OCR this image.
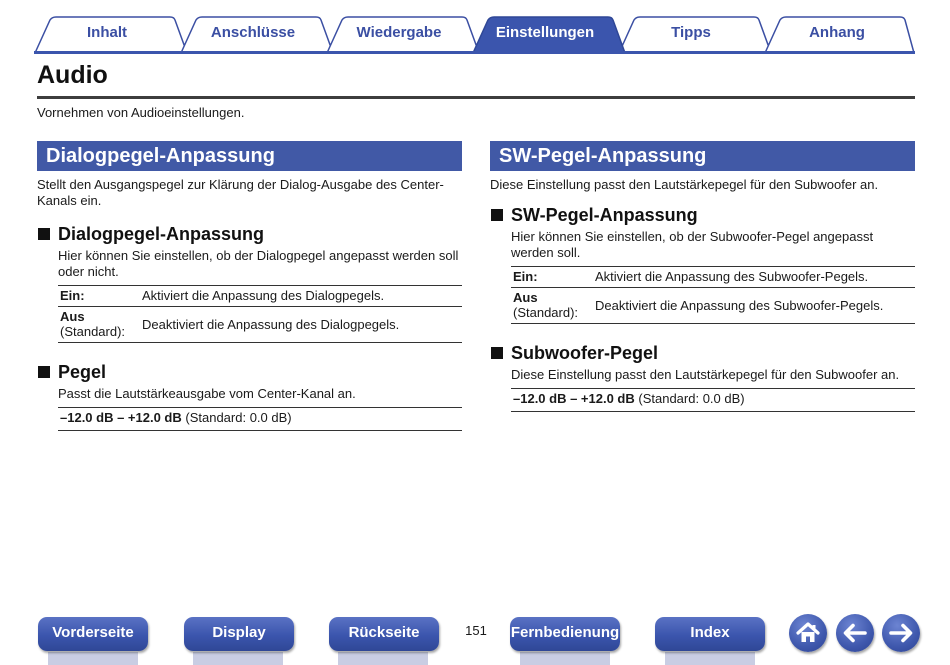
Inhalt	Anschlüsse	Wiedergabe	Einstellungen	Tipps	Anhang
Audio
Vornehmen von Audioeinstellungen.
Dialogpegel-Anpassung
Stellt den Ausgangspegel zur Klärung der Dialog-Ausgabe des Center-Kanals ein.
Dialogpegel-Anpassung
Hier können Sie einstellen, ob der Dialogpegel angepasst werden soll oder nicht.
Ein:	Aktiviert die Anpassung des Dialogpegels.
Aus
(Standard):	Deaktiviert die Anpassung des Dialogpegels.
Pegel
Passt die Lautstärkeausgabe vom Center-Kanal an.
–12.0 dB – +12.0 dB (Standard: 0.0 dB)
SW-Pegel-Anpassung
Diese Einstellung passt den Lautstärkepegel für den Subwoofer an.
SW-Pegel-Anpassung
Hier können Sie einstellen, ob der Subwoofer-Pegel angepasst werden soll.
Ein:	Aktiviert die Anpassung des Subwoofer-Pegels.
Aus
(Standard):	Deaktiviert die Anpassung des Subwoofer-Pegels.
Subwoofer-Pegel
Diese Einstellung passt den Lautstärkepegel für den Subwoofer an.
–12.0 dB – +12.0 dB (Standard: 0.0 dB)
Vorderseite	Display	Rückseite	151 Fernbedienung	Index
